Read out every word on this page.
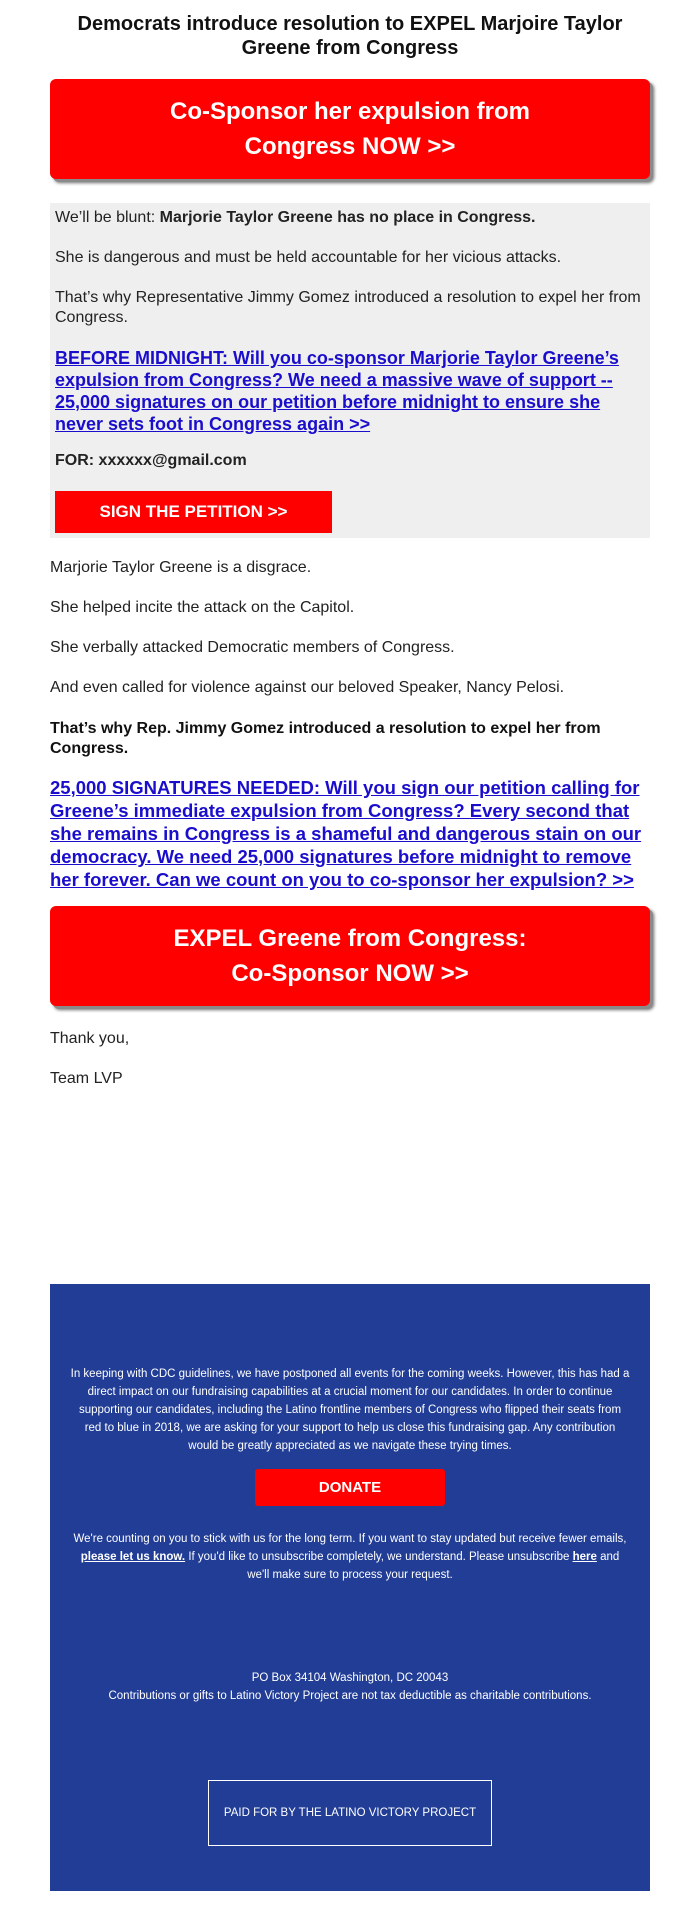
Democrats introduce resolution to EXPEL Marjoire Taylor Greene from Congress
Co-Sponsor her expulsion from Congress NOW >>

We’ll be blunt: Marjorie Taylor Greene has no place in Congress.

She is dangerous and must be held accountable for her vicious attacks.

That’s why Representative Jimmy Gomez introduced a resolution to expel her from Congress.

BEFORE MIDNIGHT: Will you co-sponsor Marjorie Taylor Greene’s expulsion from Congress? We need a massive wave of support -- 25,000 signatures on our petition before midnight to ensure she never sets foot in Congress again >>

FOR: xxxxxx@gmail.com

SIGN THE PETITION >>
Marjorie Taylor Greene is a disgrace.
She helped incite the attack on the Capitol.
She verbally attacked Democratic members of Congress.
And even called for violence against our beloved Speaker, Nancy Pelosi.
That’s why Rep. Jimmy Gomez introduced a resolution to expel her from Congress.
25,000 SIGNATURES NEEDED: Will you sign our petition calling for Greene’s immediate expulsion from Congress? Every second that she remains in Congress is a shameful and dangerous stain on our democracy. We need 25,000 signatures before midnight to remove her forever. Can we count on you to co-sponsor her expulsion? >>
EXPEL Greene from Congress: Co-Sponsor NOW >>
Thank you,
Team LVP
In keeping with CDC guidelines, we have postponed all events for the coming weeks. However, this has had a direct impact on our fundraising capabilities at a crucial moment for our candidates. In order to continue supporting our candidates, including the Latino frontline members of Congress who flipped their seats from red to blue in 2018, we are asking for your support to help us close this fundraising gap. Any contribution would be greatly appreciated as we navigate these trying times.
DONATE
We're counting on you to stick with us for the long term. If you want to stay updated but receive fewer emails, please let us know. If you'd like to unsubscribe completely, we understand. Please unsubscribe here and we'll make sure to process your request.
PO Box 34104 Washington, DC 20043
Contributions or gifts to Latino Victory Project are not tax deductible as charitable contributions.
PAID FOR BY THE LATINO VICTORY PROJECT
